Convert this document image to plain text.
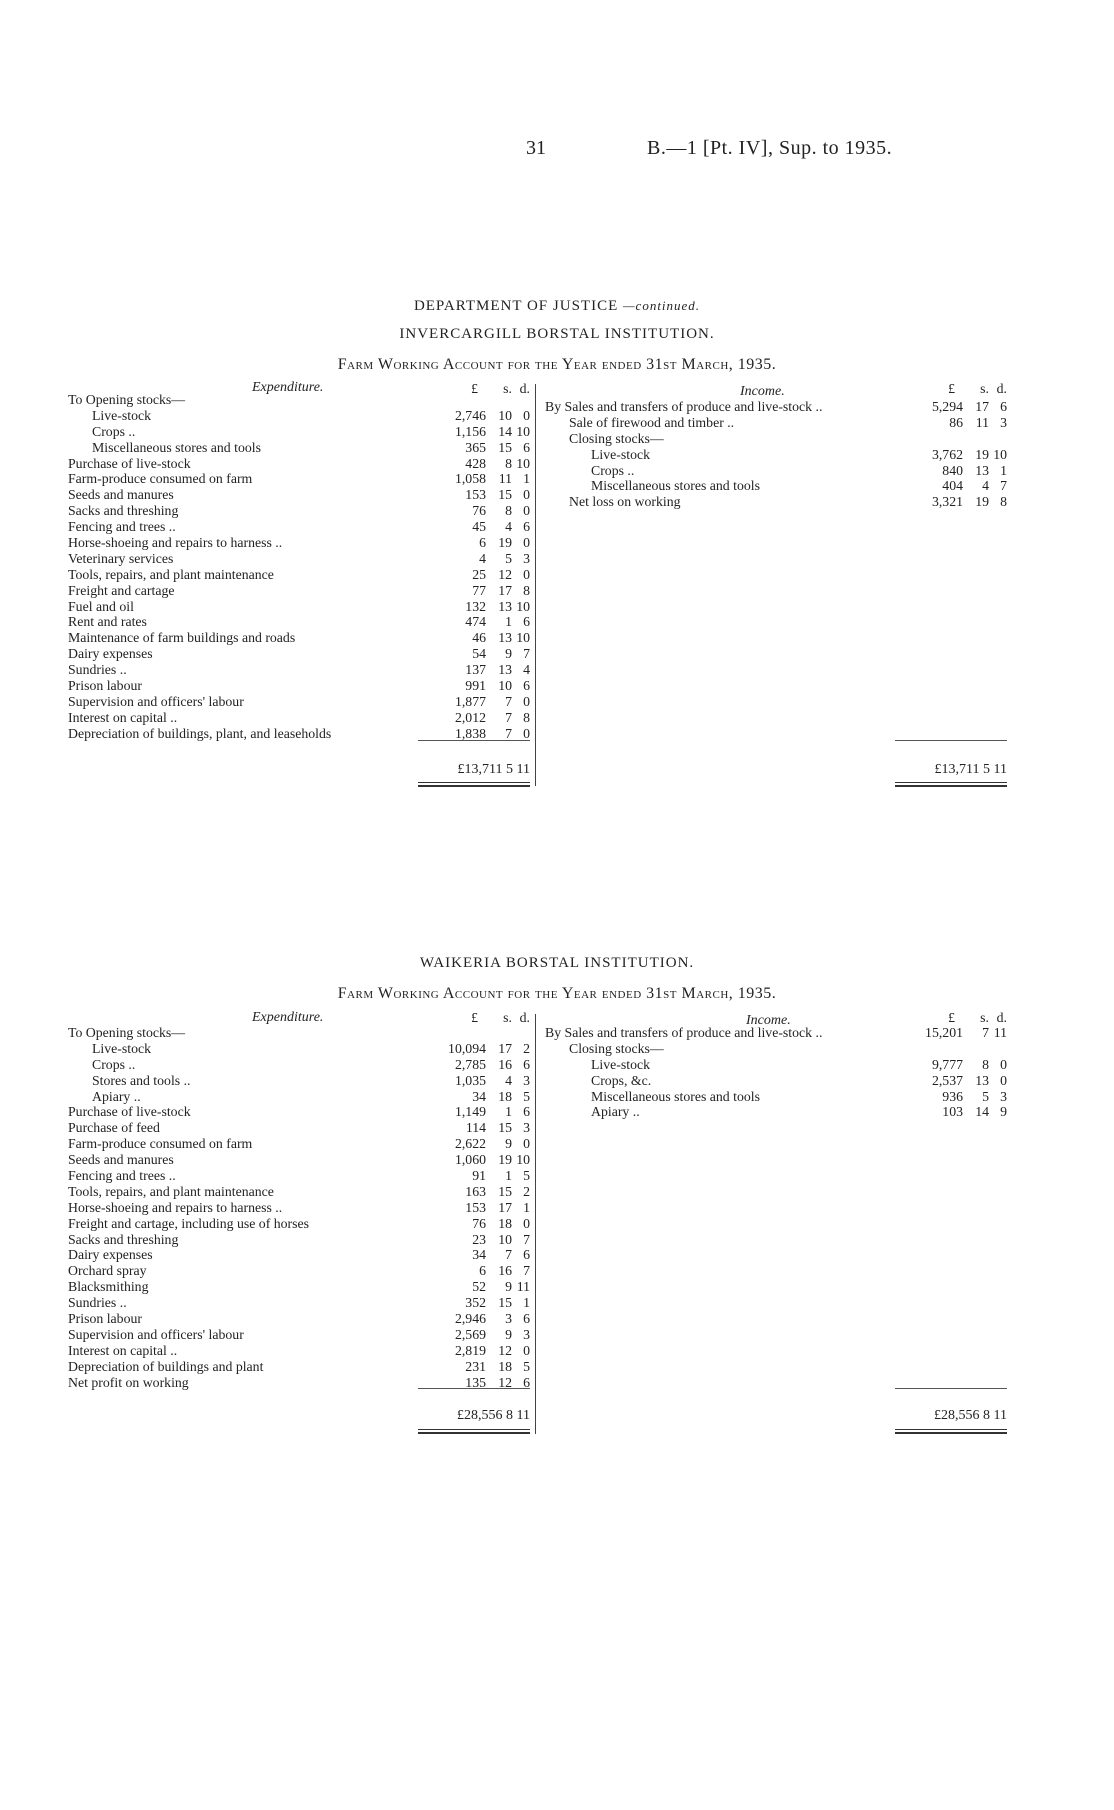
31	B.—1 [Pt. IV], Sup. to 1935.
DEPARTMENT OF JUSTICE —continued.
INVERCARGILL BORSTAL INSTITUTION.
Farm Working Account for the Year ended 31st March, 1935.
Expenditure.	Income.
£	s. d.
To Opening stocks—
Live-stock	2,746 10 0
Crops ..	1,156 14 10
Miscellaneous stores and tools	365 15 6
Purchase of live-stock	428	8 10
Farm-produce consumed on farm	1,058 11 1
Seeds and manures	153 15 0
Sacks and threshing	76	8 0
Fencing and trees ..	45	4 6
Horse-shoeing and repairs to harness ..	6 19 0
Veterinary services	4	5 3
Tools, repairs, and plant maintenance	25 12 0
Freight and cartage	77 17 8
Fuel and oil	132 13 10
Rent and rates	474	1 6
Maintenance of farm buildings and roads	46 13 10
Dairy expenses	54	9 7
Sundries ..	137 13 4
Prison labour	991 10 6
Supervision and officers' labour	1,877	7 0
Interest on capital ..	2,012	7 8
Depreciation of buildings, plant, and leaseholds	1,838	7 0
£	s. d.
By Sales and transfers of produce and live-stock ..	5,294 17 6
Sale of firewood and timber ..	86 11 3
Closing stocks—
Live-stock	3,762 19 10
Crops ..	840 13 1
Miscellaneous stores and tools	404	4 7
Net loss on working	3,321 19 8
£13,711 5 11	£13,711 5 11
WAIKERIA BORSTAL INSTITUTION.
Farm Working Account for the Year ended 31st March, 1935.
Expenditure.	Income.
£	s. d.
To Opening stocks—
Live-stock	10,094 17 2
Crops ..	2,785 16 6
Stores and tools ..	1,035	4 3
Apiary ..	34 18 5
Purchase of live-stock	1,149	1 6
Purchase of feed	114 15 3
Farm-produce consumed on farm	2,622	9 0
Seeds and manures	1,060 19 10
Fencing and trees ..	91	1 5
Tools, repairs, and plant maintenance	163 15 2
Horse-shoeing and repairs to harness ..	153 17 1
Freight and cartage, including use of horses	76 18 0
Sacks and threshing	23 10 7
Dairy expenses	34	7 6
Orchard spray	6 16 7
Blacksmithing	52	9 11
Sundries ..	352 15 1
Prison labour	2,946	3 6
Supervision and officers' labour	2,569	9 3
Interest on capital ..	2,819 12 0
Depreciation of buildings and plant	231 18 5
Net profit on working	135 12 6
£	s. d.
By Sales and transfers of produce and live-stock ..	15,201	7 11
Closing stocks—
Live-stock	9,777	8 0
Crops, &c.	2,537 13 0
Miscellaneous stores and tools	936	5 3
Apiary ..	103 14 9
£28,556 8 11	£28,556 8 11
